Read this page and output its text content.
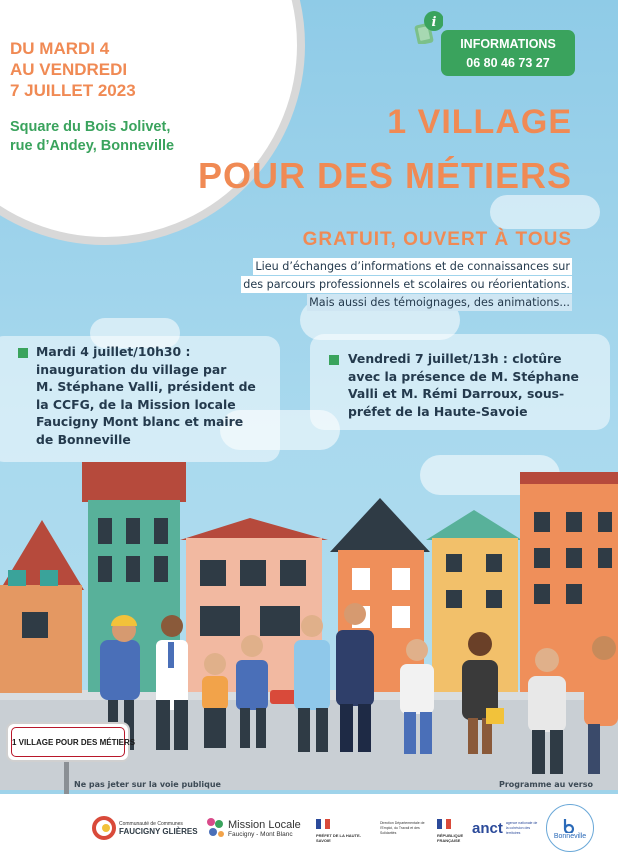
DU MARDI 4
AU VENDREDI
7 JUILLET 2023
Square du Bois Jolivet,
rue d’Andey, Bonneville
i
INFORMATIONS
06 80 46 73 27
1 VILLAGE
POUR DES MÉTIERS
GRATUIT, OUVERT À TOUS
Lieu d’échanges d’informations et de connaissances sur
des parcours professionnels et scolaires ou réorientations.
Mais aussi des témoignages, des animations...
Mardi 4 juillet/10h30 :
inauguration du village par
M. Stéphane Valli, président de
la CCFG, de la Mission locale
Faucigny Mont blanc et maire
de Bonneville
Vendredi 7 juillet/13h : clotûre
avec la présence de M. Stéphane
Valli et M. Rémi Darroux, sous-
préfet de la Haute-Savoie
1 VILLAGE POUR DES MÉTIERS
Ne pas jeter sur la voie publique	Programme au verso
Communauté de Communes
FAUCIGNY GLIÈRES
Mission Locale
Faucigny - Mont Blanc	PRÉFET DE LA HAUTE-SAVOIE
Direction Départementale de l'Emploi, du Travail et des Solidarités	RÉPUBLIQUE FRANÇAISE
anct agence nationale de la cohésion des territoires	Bonneville
